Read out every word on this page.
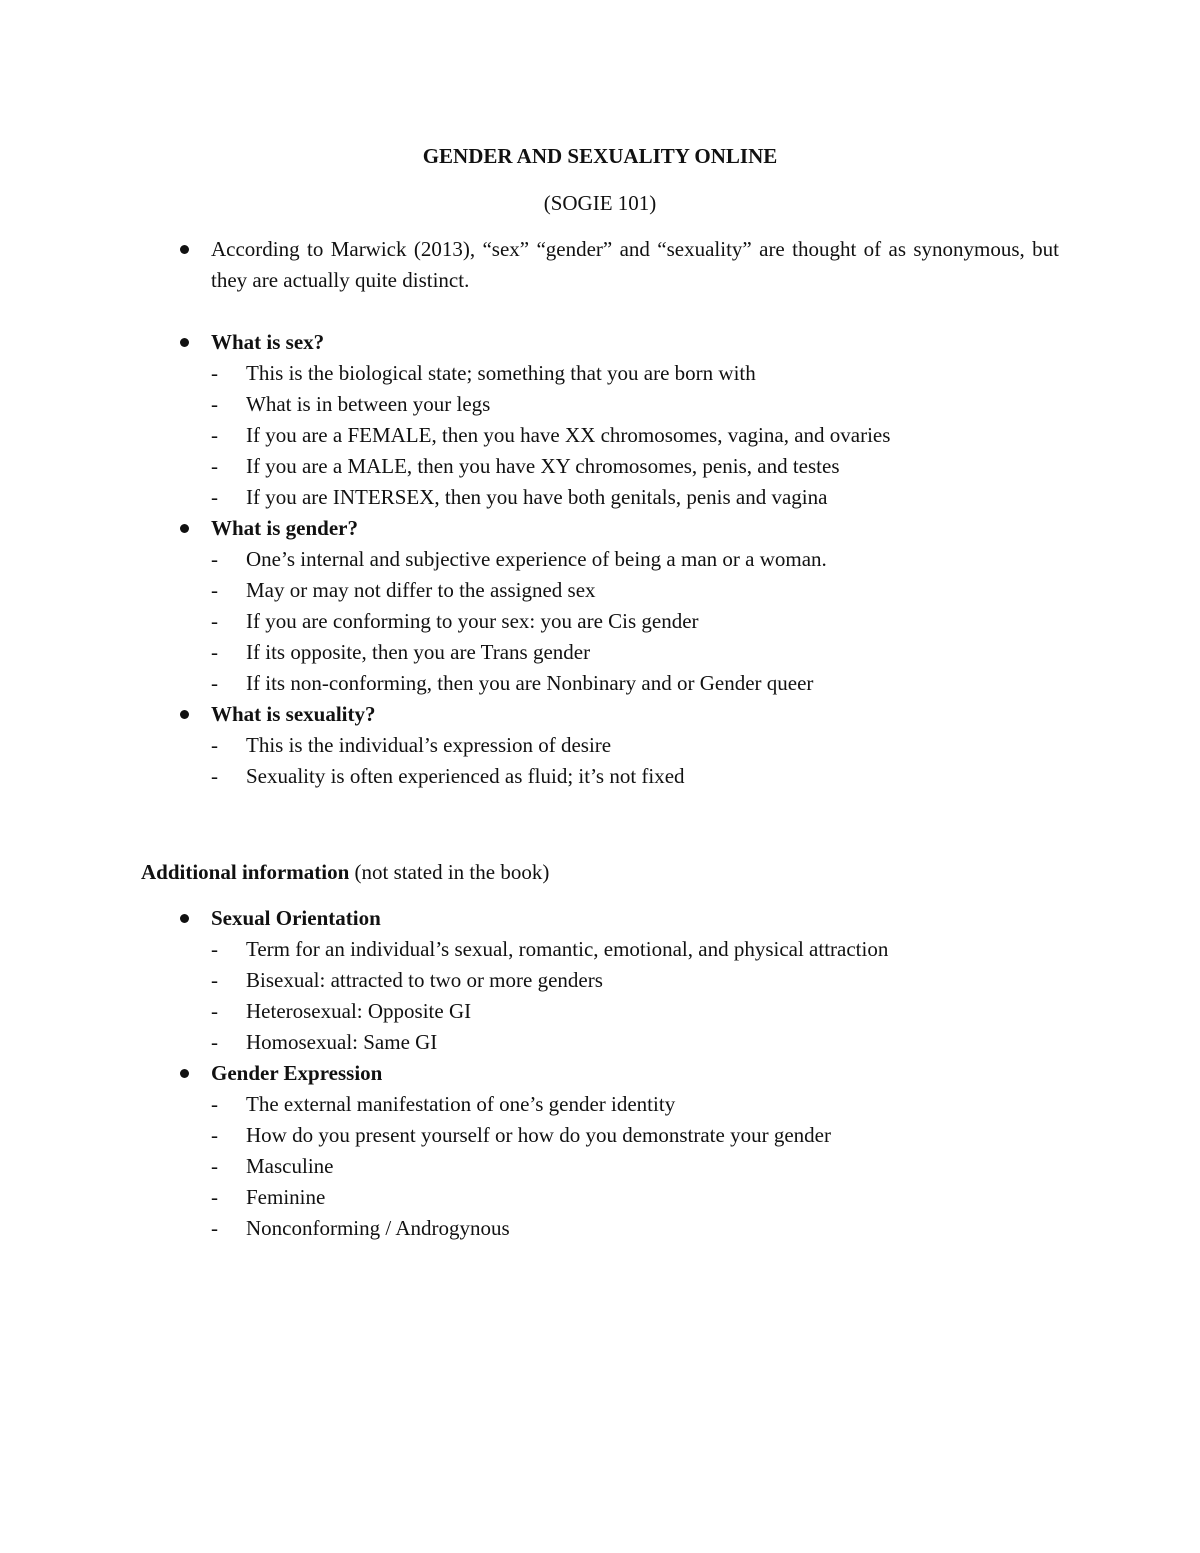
GENDER AND SEXUALITY ONLINE
(SOGIE 101)
According to Marwick (2013), “sex” “gender” and “sexuality” are thought of as synonymous, but they are actually quite distinct.
What is sex?
- This is the biological state; something that you are born with
- What is in between your legs
- If you are a FEMALE, then you have XX chromosomes, vagina, and ovaries
- If you are a MALE, then you have XY chromosomes, penis, and testes
- If you are INTERSEX, then you have both genitals, penis and vagina
What is gender?
- One’s internal and subjective experience of being a man or a woman.
- May or may not differ to the assigned sex
- If you are conforming to your sex: you are Cis gender
- If its opposite, then you are Trans gender
- If its non-conforming, then you are Nonbinary and or Gender queer
What is sexuality?
- This is the individual’s expression of desire
- Sexuality is often experienced as fluid; it’s not fixed
Additional information (not stated in the book)
Sexual Orientation
- Term for an individual’s sexual, romantic, emotional, and physical attraction
- Bisexual: attracted to two or more genders
- Heterosexual: Opposite GI
- Homosexual: Same GI
Gender Expression
- The external manifestation of one’s gender identity
- How do you present yourself or how do you demonstrate your gender
- Masculine
- Feminine
- Nonconforming / Androgynous
